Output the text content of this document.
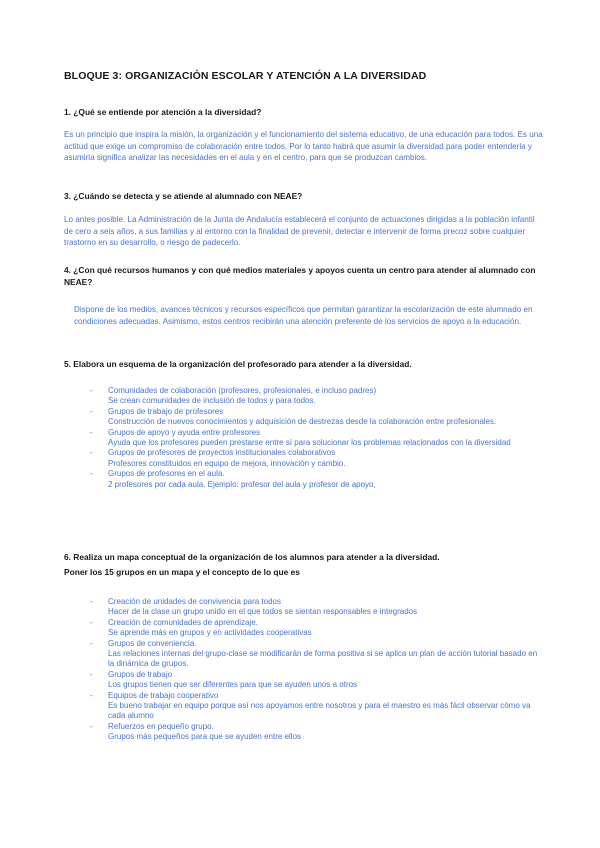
BLOQUE 3: ORGANIZACIÓN ESCOLAR Y ATENCIÓN A LA DIVERSIDAD
1. ¿Qué se entiende por atención a la diversidad?
Es un principio que inspira la misión, la organización y el funcionamiento del sistema educativo, de una educación para todos. Es una actitud que exige un compromiso de colaboración entre todos. Por lo tanto habrá que asumir la diversidad para poder entenderla y asumirla significa analizar las necesidades en el aula y en el centro, para que se produzcan cambios.
3. ¿Cuándo se detecta y se atiende al alumnado con NEAE?
Lo antes posible. La Administración de la Junta de Andalucía establecerá el conjunto de actuaciones dirigidas a la población infantil de cero a seis años, a sus familias y al entorno con la finalidad de prevenir, detectar e intervenir de forma precoz sobre cualquier trastorno en su desarrollo, o riesgo de padecerlo.
4. ¿Con qué recursos humanos y con qué medios materiales y apoyos cuenta un centro para atender al alumnado con NEAE?
Dispone de los medios, avances técnicos y recursos específicos que permitan garantizar la escolarización de este alumnado en condiciones adecuadas. Asimismo, estos centros recibirán una atención preferente de los servicios de apoyo a la educación.
5. Elabora un esquema de la organización del profesorado para atender a la diversidad.
- Comunidades de colaboración (profesores, profesionales, e incluso padres)
Se crean comunidades de inclusión de todos y para todos.
- Grupos de trabajo de profesores
Construcción de nuevos conocimientos y adquisición de destrezas desde la colaboración entre profesionales.
- Grupos de apoyo y ayuda entre profesores
Ayuda que los profesores pueden prestarse entre sí para solucionar los problemas relacionados con la diversidad
- Grupos de profesores de proyectos institucionales colaborativos
Profesores constituidos en equipo de mejora, innovación y cambio.
- Grupos de profesores en el aula.
2 profesores por cada aula. Ejemplo: profesor del aula y profesor de apoyo,
6. Realiza un mapa conceptual de la organización de los alumnos para atender a la diversidad.
Poner los 15 grupos en un mapa y el concepto de lo que es
- Creación de unidades de convivencia para todos
Hacer de la clase un grupo unido en el que todos se sientan responsables e integrados
- Creación de comunidades de aprendizaje.
Se aprende más en grupos y en actividades cooperativas
- Grupos de conveniencia.
Las relaciones internas del grupo-clase se modificarán de forma positiva si se aplica un plan de acción tutorial basado en la dinámica de grupos.
- Grupos de trabajo
Los grupos tienen que ser diferentes para que se ayuden unos a otros
- Equipos de trabajo cooperativo
Es bueno trabajar en equipo porque así nos apoyamos entre nosotros y para el maestro es más fácil observar cómo va cada alumno
- Refuerzos en pequeño grupo.
Grupos más pequeños para que se ayuden entre ellos
